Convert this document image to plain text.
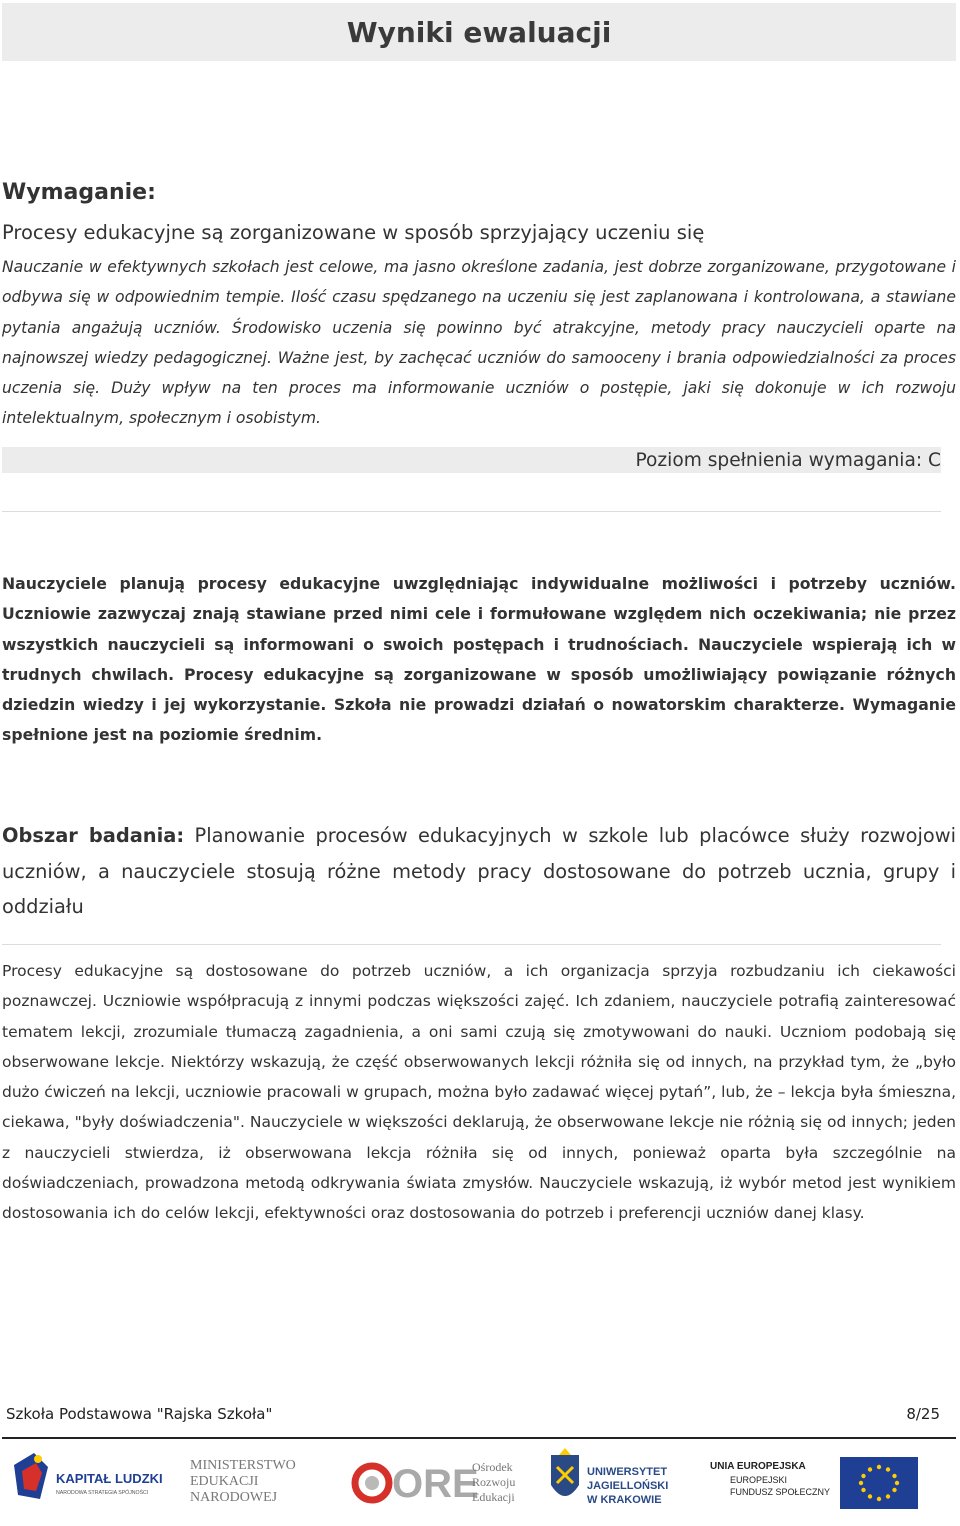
Wyniki ewaluacji
Wymaganie:
Procesy edukacyjne są zorganizowane w sposób sprzyjający uczeniu się

Nauczanie w efektywnych szkołach jest celowe, ma jasno określone zadania, jest dobrze zorganizowane, przygotowane i odbywa się w odpowiednim tempie. Ilość czasu spędzanego na uczeniu się jest zaplanowana i kontrolowana, a stawiane pytania angażują uczniów. Środowisko uczenia się powinno być atrakcyjne, metody pracy nauczycieli oparte na najnowszej wiedzy pedagogicznej. Ważne jest, by zachęcać uczniów do samooceny i brania odpowiedzialności za proces uczenia się. Duży wpływ na ten proces ma informowanie uczniów o postępie, jaki się dokonuje w ich rozwoju intelektualnym, społecznym i osobistym.

Poziom spełnienia wymagania: C

Nauczyciele planują procesy edukacyjne uwzględniając indywidualne możliwości i potrzeby uczniów. Uczniowie zazwyczaj znają stawiane przed nimi cele i formułowane względem nich oczekiwania; nie przez wszystkich nauczycieli są informowani o swoich postępach i trudnościach. Nauczyciele wspierają ich w trudnych chwilach. Procesy edukacyjne są zorganizowane w sposób umożliwiający powiązanie różnych dziedzin wiedzy i jej wykorzystanie. Szkoła nie prowadzi działań o nowatorskim charakterze. Wymaganie spełnione jest na poziomie średnim.

Obszar badania: Planowanie procesów edukacyjnych w szkole lub placówce służy rozwojowi uczniów, a nauczyciele stosują różne metody pracy dostosowane do potrzeb ucznia, grupy i oddziału

Procesy edukacyjne są dostosowane do potrzeb uczniów, a ich organizacja sprzyja rozbudzaniu ich ciekawości poznawczej. Uczniowie współpracują z innymi podczas większości zajęć. Ich zdaniem, nauczyciele potrafią zainteresować tematem lekcji, zrozumiale tłumaczą zagadnienia, a oni sami czują się zmotywowani do nauki. Uczniom podobają się obserwowane lekcje. Niektórzy wskazują, że część obserwowanych lekcji różniła się od innych, na przykład tym, że „było dużo ćwiczeń na lekcji, uczniowie pracowali w grupach, można było zadawać więcej pytań”, lub, że – lekcja była śmieszna, ciekawa, "były doświadczenia". Nauczyciele w większości deklarują, że obserwowane lekcje nie różnią się od innych; jeden z nauczycieli stwierdza, iż obserwowana lekcja różniła się od innych, ponieważ oparta była szczególnie na doświadczeniach, prowadzona metodą odkrywania świata zmysłów. Nauczyciele wskazują, iż wybór metod jest wynikiem dostosowania ich do celów lekcji, efektywności oraz dostosowania do potrzeb i preferencji uczniów danej klasy.

Szkoła Podstawowa "Rajska Szkoła"	8/25
KAPITAŁ LUDZKI
NARODOWA STRATEGIA SPÓJNOŚCI
MINISTERSTWO
EDUKACJI
NARODOWEJ	ORE
Ośrodek
Rozwoju
Edukacji
UNIWERSYTET
JAGIELLOŃSKI
W KRAKOWIE
UNIA EUROPEJSKA
EUROPEJSKI
FUNDUSZ SPOŁECZNY
